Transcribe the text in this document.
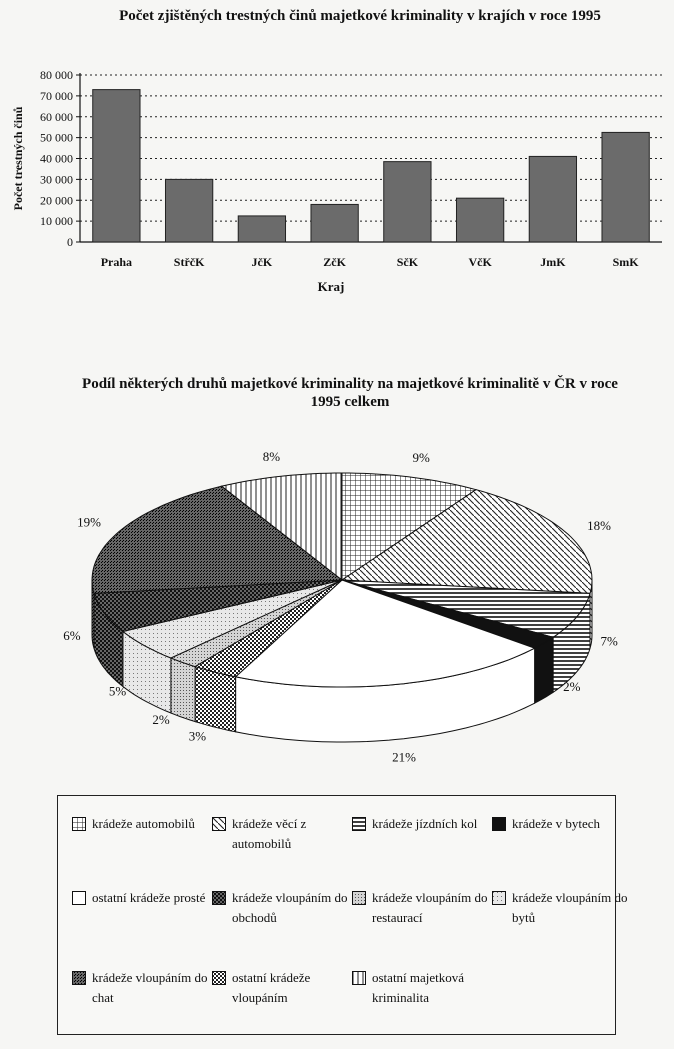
Počet zjištěných trestných činů majetkové kriminality v krajích v roce 1995
0
10 000
20 000
30 000
40 000
50 000
60 000
70 000
80 000
Praha	StřčK	JčK	ZčK	SčK	VčK	JmK	SmK
Kraj
Počet trestných činů
Podíl některých druhů majetkové kriminality na majetkové kriminalitě v ČR v roce 1995 celkem
9%
18%
7%
2%
21%
3%
2%
5%
6%
19%
8%
krádeže automobilů	krádeže věcí z automobilů
krádeže jízdních kol	krádeže v bytech
ostatní krádeže prosté	krádeže vloupáním do obchodů
krádeže vloupáním do restaurací
krádeže vloupáním do bytů
krádeže vloupáním do chat
ostatní krádeže vloupáním
ostatní majetková kriminalita
